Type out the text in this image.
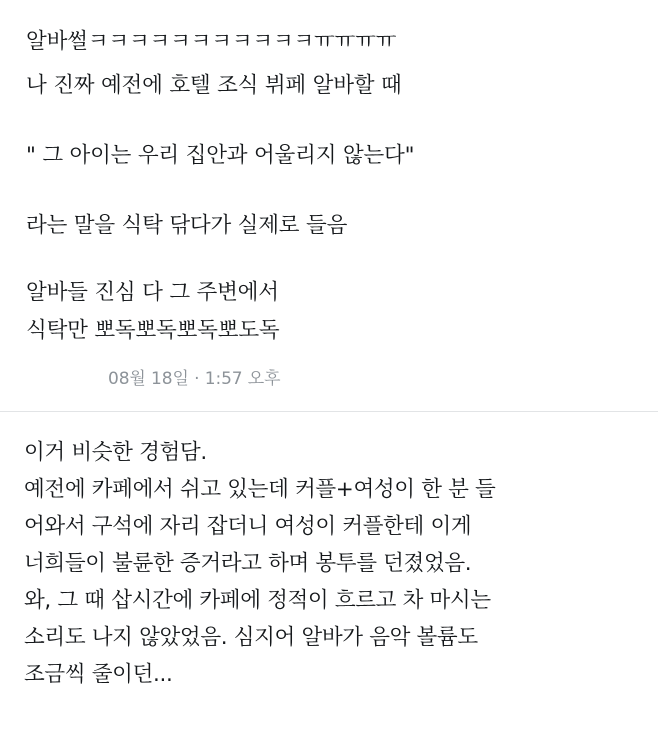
알바썰ㅋㅋㅋㅋㅋㅋㅋㅋㅋㅋㅋㅠㅠㅠㅠ
나 진짜 예전에 호텔 조식 뷔페 알바할 때
" 그 아이는 우리 집안과 어울리지 않는다"
라는 말을 식탁 닦다가 실제로 들음
알바들 진심 다 그 주변에서
식탁만 뽀독뽀독뽀독뽀도독
08월 18일 · 1:57 오후
이거 비슷한 경험담.
예전에 카페에서 쉬고 있는데 커플+여성이 한 분 들
어와서 구석에 자리 잡더니 여성이 커플한테 이게
너희들이 불륜한 증거라고 하며 봉투를 던졌었음.
와, 그 때 삽시간에 카페에 정적이 흐르고 차 마시는
소리도 나지 않았었음. 심지어 알바가 음악 볼륨도
조금씩 줄이던...
